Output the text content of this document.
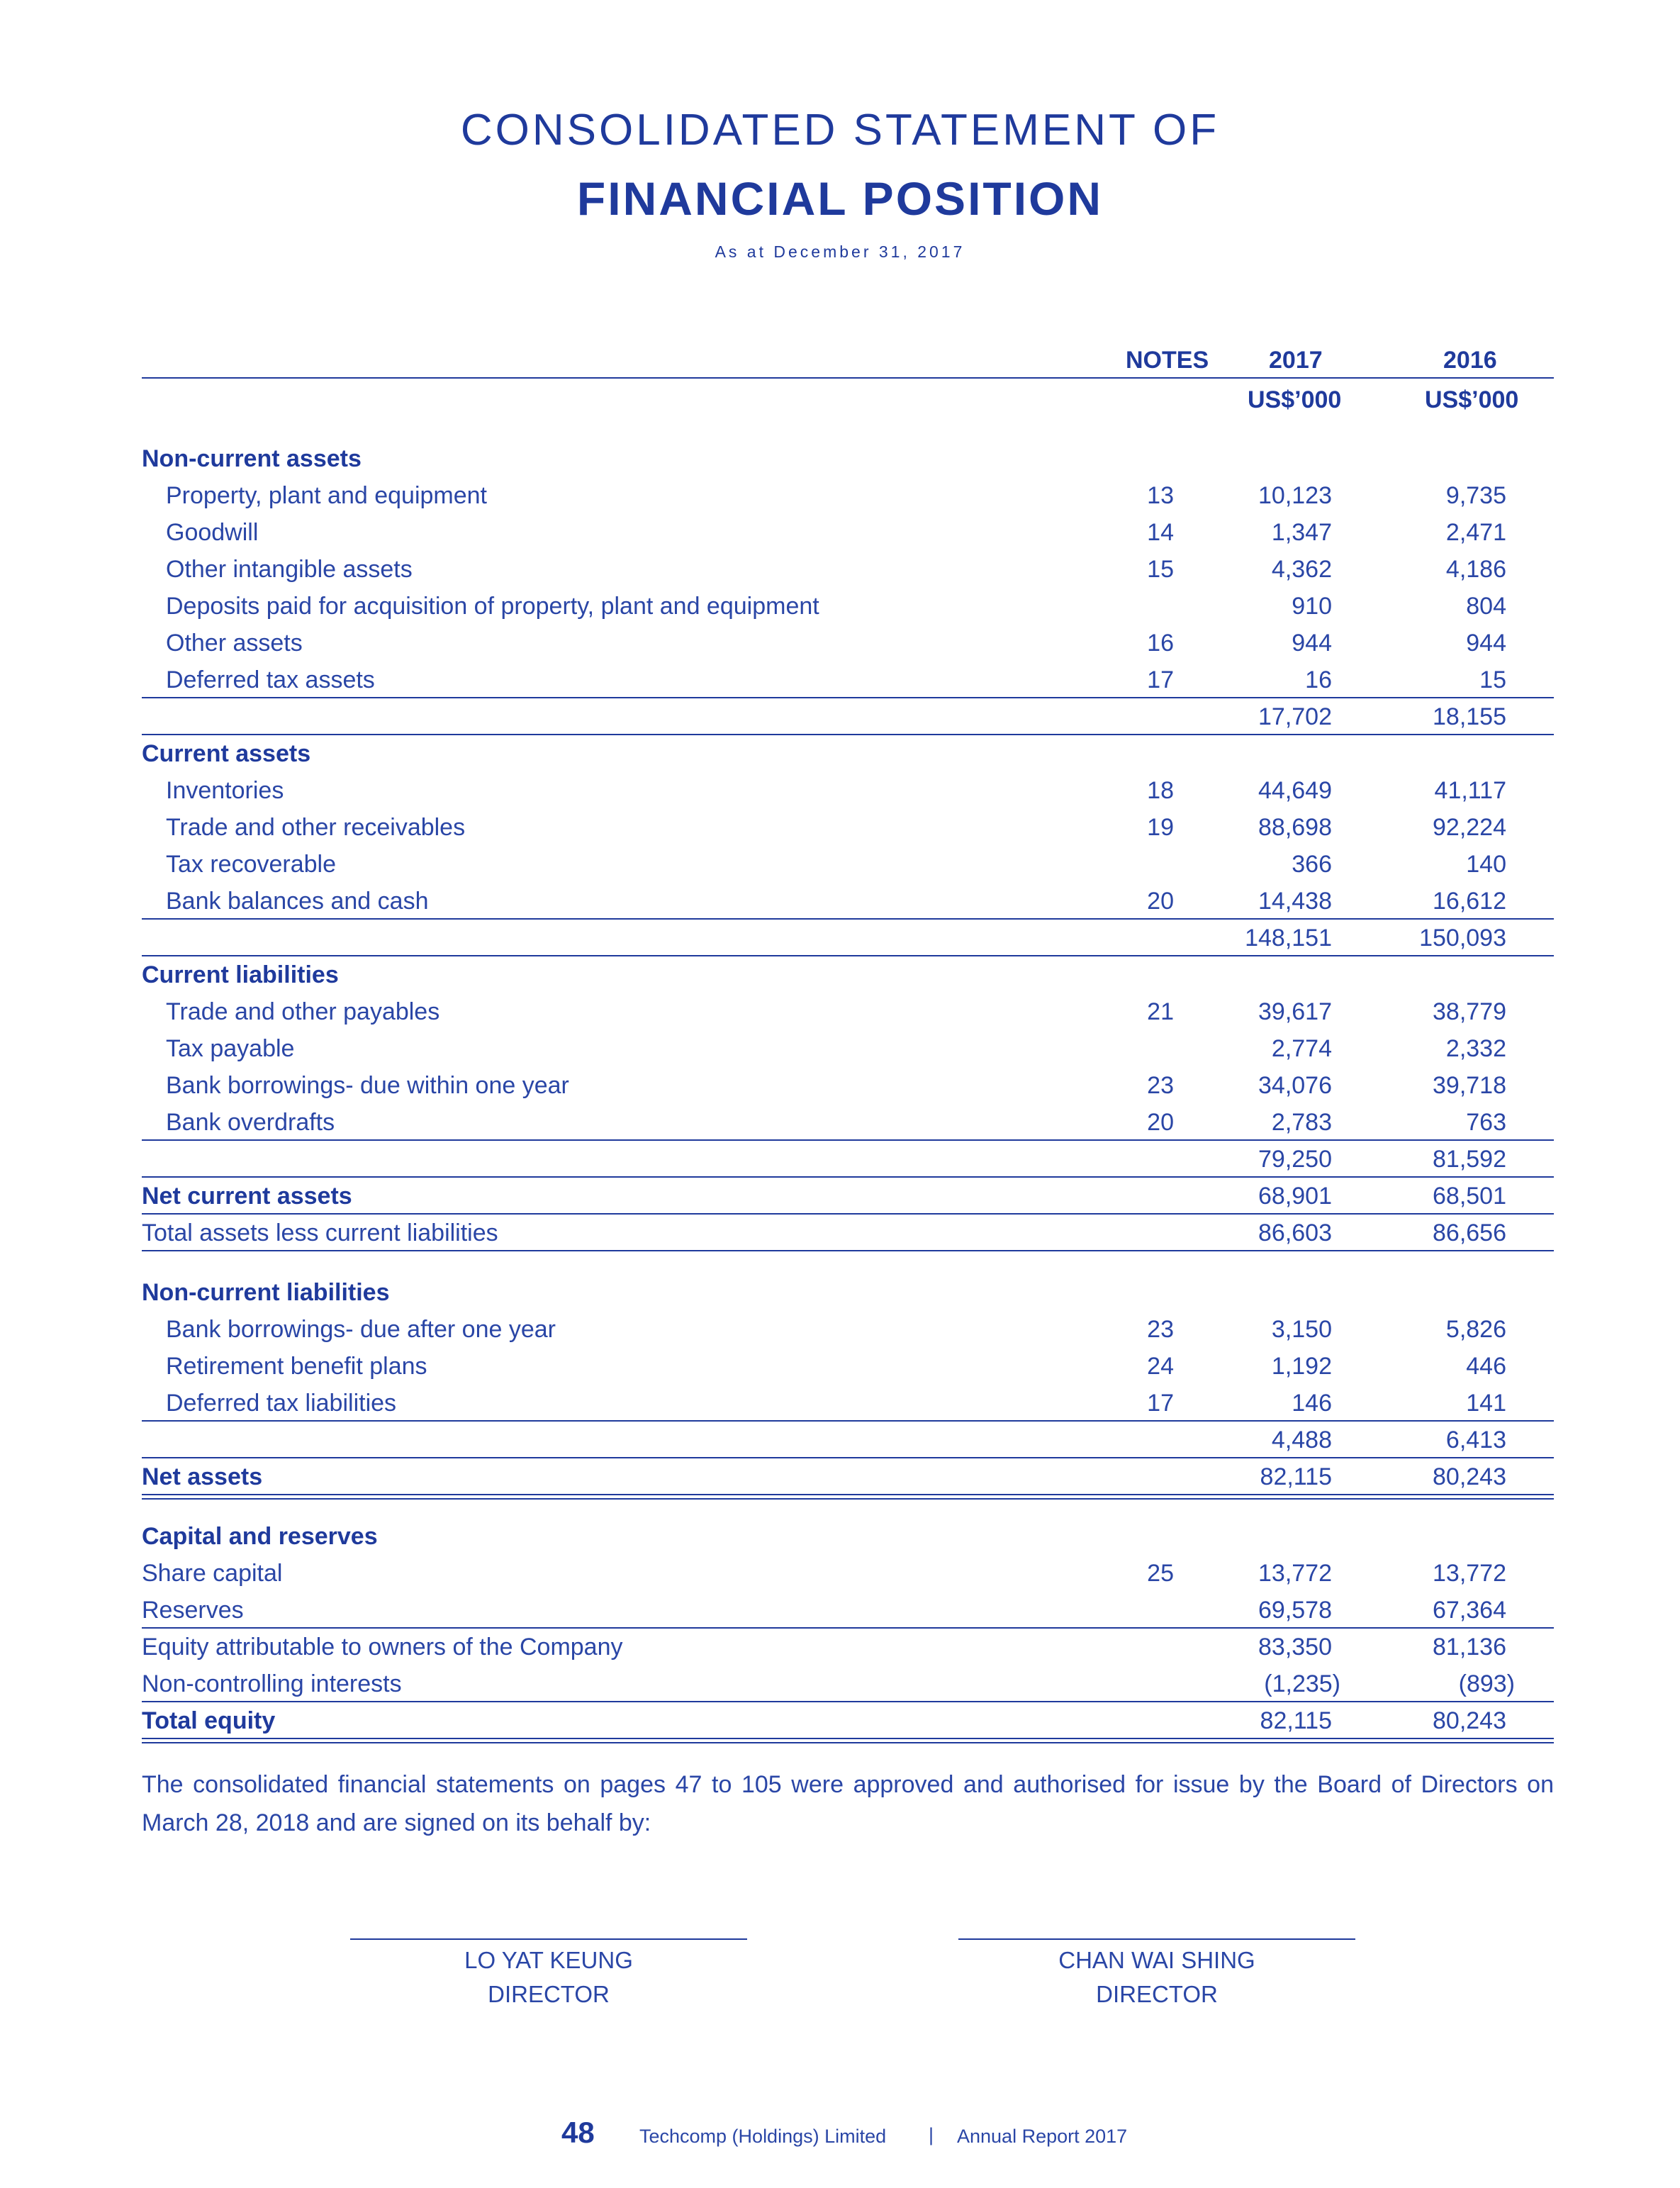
CONSOLIDATED STATEMENT OF
FINANCIAL POSITION
As at December 31, 2017
NOTES 2017	2016
US$’000	US$’000
Non-current assets
Property, plant and equipment	13	10,123	9,735
Goodwill	14	1,347	2,471
Other intangible assets	15	4,362	4,186
Deposits paid for acquisition of property, plant and equipment	910	804
Other assets	16	944	944
Deferred tax assets	17	16	15
17,702	18,155
Current assets
Inventories	18	44,649	41,117
Trade and other receivables	19	88,698	92,224
Tax recoverable	366	140
Bank balances and cash	20	14,438	16,612
148,151	150,093
Current liabilities
Trade and other payables	21	39,617	38,779
Tax payable	2,774	2,332
Bank borrowings- due within one year	23	34,076	39,718
Bank overdrafts	20	2,783	763
79,250	81,592
Net current assets	68,901	68,501
Total assets less current liabilities	86,603	86,656
Non-current liabilities
Bank borrowings- due after one year	23	3,150	5,826
Retirement benefit plans	24	1,192	446
Deferred tax liabilities	17	146	141
4,488	6,413
Net assets	82,115	80,243
Capital and reserves
Share capital	25	13,772	13,772
Reserves	69,578	67,364
Equity attributable to owners of the Company	83,350	81,136
Non-controlling interests	(1,235)	(893)
Total equity	82,115	80,243
The consolidated financial statements on pages 47 to 105 were approved and authorised for issue by the Board of Directors on March 28, 2018 and are signed on its behalf by:
LO YAT KEUNG
DIRECTOR
CHAN WAI SHING
DIRECTOR
48 Techcomp (Holdings) Limited | Annual Report 2017
